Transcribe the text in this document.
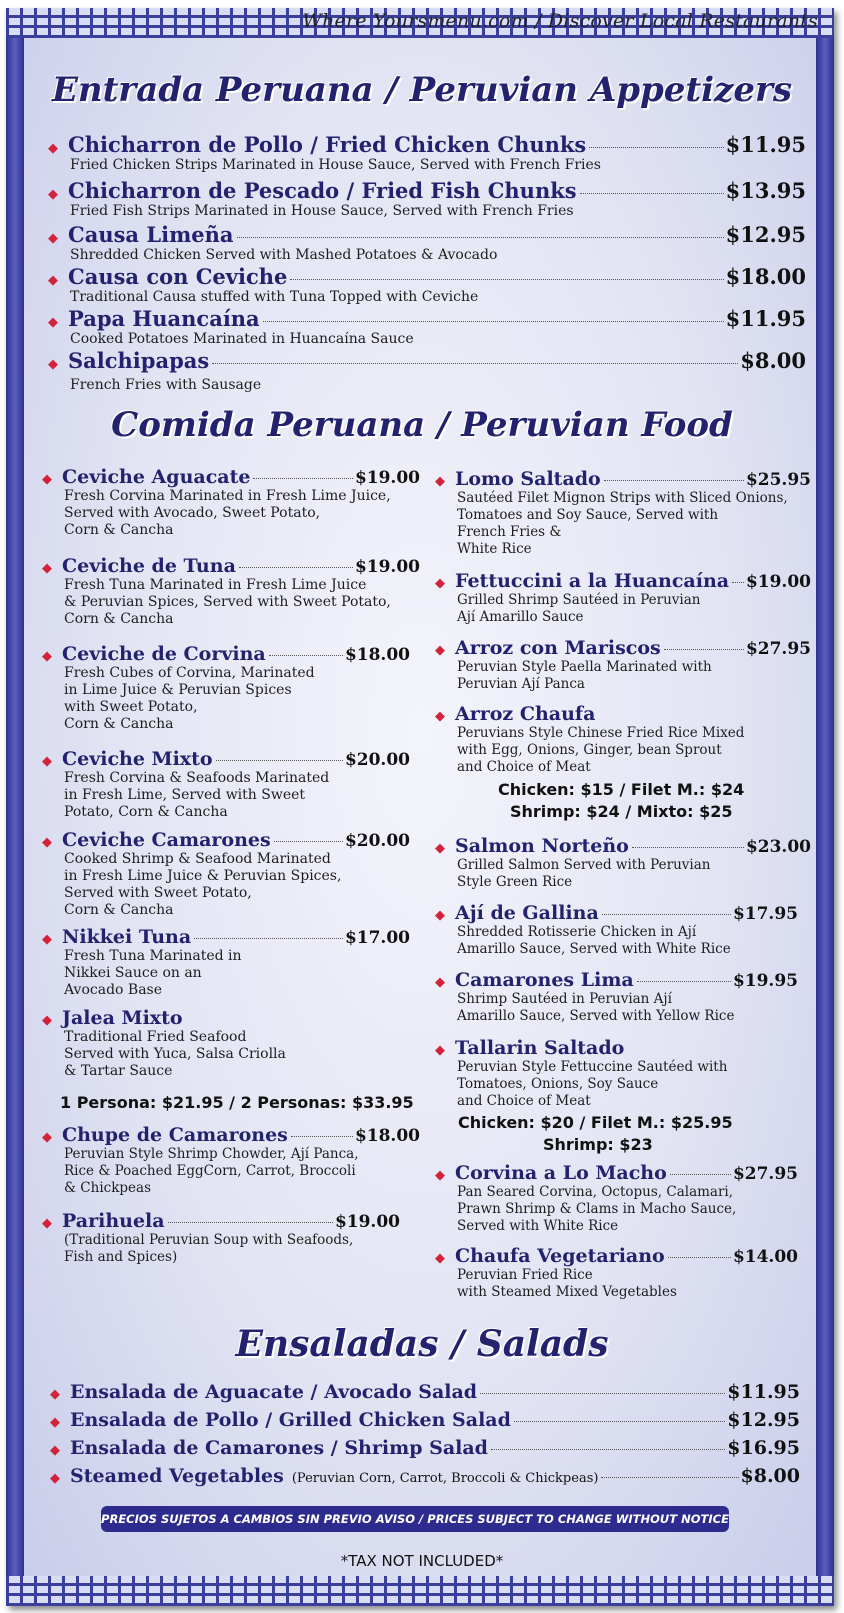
Where Yoursmenu.com / Discover Local Restaurants
Entrada Peruana / Peruvian Appetizers
Comida Peruana / Peruvian Food
Ensaladas / Salads
◆ Chicharron de Pollo / Fried Chicken Chunks	$11.95
Fried Chicken Strips Marinated in House Sauce, Served with French Fries
◆ Chicharron de Pescado / Fried Fish Chunks	$13.95
Fried Fish Strips Marinated in House Sauce, Served with French Fries
◆ Causa Limeña	$12.95
Shredded Chicken Served with Mashed Potatoes & Avocado
◆ Causa con Ceviche	$18.00
Traditional Causa stuffed with Tuna Topped with Ceviche
◆ Papa Huancaína	$11.95
Cooked Potatoes Marinated in Huancaína Sauce
◆ Salchipapas	$8.00
French Fries with Sausage
◆ Ceviche Aguacate	$19.00
Fresh Corvina Marinated in Fresh Lime Juice,
Served with Avocado, Sweet Potato,
Corn & Cancha
◆ Ceviche de Tuna	$19.00
Fresh Tuna Marinated in Fresh Lime Juice
& Peruvian Spices, Served with Sweet Potato,
Corn & Cancha
◆ Ceviche de Corvina	$18.00
Fresh Cubes of Corvina, Marinated
in Lime Juice & Peruvian Spices
with Sweet Potato,
Corn & Cancha
◆ Ceviche Mixto	$20.00
Fresh Corvina & Seafoods Marinated
in Fresh Lime, Served with Sweet
Potato, Corn & Cancha
◆ Ceviche Camarones	$20.00
Cooked Shrimp & Seafood Marinated
in Fresh Lime Juice & Peruvian Spices,
Served with Sweet Potato,
Corn & Cancha
◆ Nikkei Tuna	$17.00
Fresh Tuna Marinated in
Nikkei Sauce on an
Avocado Base
◆ Jalea Mixto
Traditional Fried Seafood
Served with Yuca, Salsa Criolla
& Tartar Sauce
1 Persona: $21.95 / 2 Personas: $33.95
◆ Chupe de Camarones	$18.00
Peruvian Style Shrimp Chowder, Ají Panca,
Rice & Poached EggCorn, Carrot, Broccoli
& Chickpeas
◆ Parihuela	$19.00
(Traditional Peruvian Soup with Seafoods,
Fish and Spices)
◆ Lomo Saltado	$25.95
Sautéed Filet Mignon Strips with Sliced Onions,
Tomatoes and Soy Sauce, Served with
French Fries &
White Rice
◆ Fettuccini a la Huancaína $19.00
Grilled Shrimp Sautéed in Peruvian
Ají Amarillo Sauce
◆ Arroz con Mariscos	$27.95
Peruvian Style Paella Marinated with
Peruvian Ají Panca
◆ Arroz Chaufa
Peruvians Style Chinese Fried Rice Mixed
with Egg, Onions, Ginger, bean Sprout
and Choice of Meat
Chicken: $15 / Filet M.: $24
Shrimp: $24 / Mixto: $25
◆ Salmon Norteño	$23.00
Grilled Salmon Served with Peruvian
Style Green Rice
◆ Ají de Gallina	$17.95
Shredded Rotisserie Chicken in Ají
Amarillo Sauce, Served with White Rice
◆ Camarones Lima	$19.95
Shrimp Sautéed in Peruvian Ají
Amarillo Sauce, Served with Yellow Rice
◆ Tallarin Saltado
Peruvian Style Fettuccine Sautéed with
Tomatoes, Onions, Soy Sauce
and Choice of Meat
Chicken: $20 / Filet M.: $25.95
Shrimp: $23
◆ Corvina a Lo Macho	$27.95
Pan Seared Corvina, Octopus, Calamari,
Prawn Shrimp & Clams in Macho Sauce,
Served with White Rice
◆ Chaufa Vegetariano	$14.00
Peruvian Fried Rice
with Steamed Mixed Vegetables
◆ Ensalada de Aguacate / Avocado Salad	$11.95
◆ Ensalada de Pollo / Grilled Chicken Salad	$12.95
◆ Ensalada de Camarones / Shrimp Salad	$16.95
◆ Steamed Vegetables (Peruvian Corn, Carrot, Broccoli & Chickpeas)	$8.00
PRECIOS SUJETOS A CAMBIOS SIN PREVIO AVISO / PRICES SUBJECT TO CHANGE WITHOUT NOTICE
*TAX NOT INCLUDED*
